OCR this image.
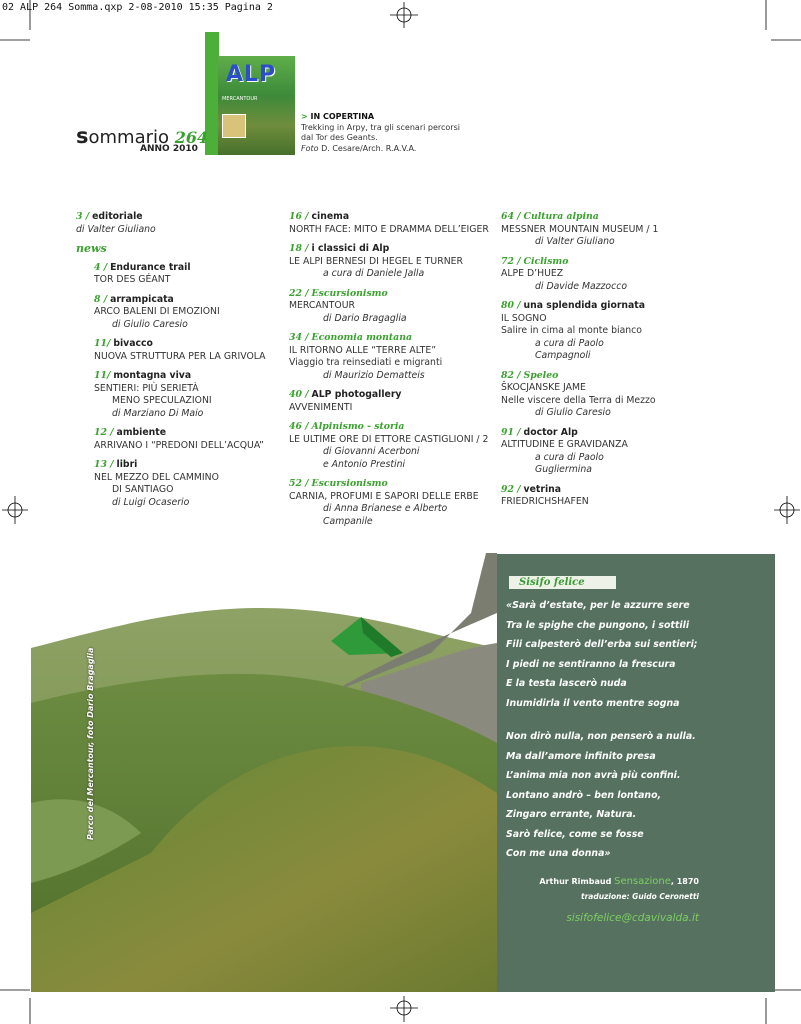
02 ALP 264 Somma.qxp 2-08-2010 15:35 Pagina 2
ALP
MERCANTOUR
sommario 264
ANNO 2010
> IN COPERTINA
Trekking in Arpy, tra gli scenari percorsi dal Tor des Geants.
Foto D. Cesare/Arch. R.A.V.A.
3 / editoriale
di Valter Giuliano
news
4 / Endurance trail
TOR DES GÉANT
8 / arrampicata
ARCO BALENI DI EMOZIONI
di Giulio Caresio
11/ bivacco
NUOVA STRUTTURA PER LA GRIVOLA
11/ montagna viva
SENTIERI: PIÙ SERIETÀ
MENO SPECULAZIONI
di Marziano Di Maio
12 / ambiente
ARRIVANO I “PREDONI DELL’ACQUA”
13 / libri
NEL MEZZO DEL CAMMINO
DI SANTIAGO
di Luigi Ocaserio
16 / cinema
NORTH FACE: MITO E DRAMMA DELL’EIGER
18 / i classici di Alp
LE ALPI BERNESI DI HEGEL E TURNER
a cura di Daniele Jalla
22 / Escursionismo
MERCANTOUR
di Dario Bragaglia
34 / Economia montana
IL RITORNO ALLE “TERRE ALTE”
Viaggio tra reinsediati e migranti
di Maurizio Dematteis
40 / ALP photogallery
AVVENIMENTI
46 / Alpinismo - storia
LE ULTIME ORE DI ETTORE CASTIGLIONI / 2
di Giovanni Acerboni
e Antonio Prestini
52 / Escursionismo
CARNIA, PROFUMI E SAPORI DELLE ERBE
di Anna Brianese e Alberto Campanile
64 / Cultura alpina
MESSNER MOUNTAIN MUSEUM / 1
di Valter Giuliano
72 / Ciclismo
ALPE D’HUEZ
di Davide Mazzocco
80 / una splendida giornata
IL SOGNO
Salire in cima al monte bianco
a cura di Paolo Campagnoli
82 / Speleo
ŠKOCJANSKE JAME
Nelle viscere della Terra di Mezzo
di Giulio Caresio
91 / doctor Alp
ALTITUDINE E GRAVIDANZA
a cura di Paolo Gugliermina
92 / vetrina
FRIEDRICHSHAFEN
Parco del Mercantour, foto Dario Bragaglia
Sisifo felice
«Sarà d’estate, per le azzurre sere
Tra le spighe che pungono, i sottili
Fili calpesterò dell’erba sui sentieri;
I piedi ne sentiranno la frescura
E la testa lascerò nuda
Inumidirla il vento mentre sogna
Non dirò nulla, non penserò a nulla.
Ma dall’amore infinito presa
L’anima mia non avrà più confini.
Lontano andrò – ben lontano,
Zingaro errante, Natura.
Sarò felice, come se fosse
Con me una donna»
Arthur Rimbaud Sensazione, 1870
traduzione: Guido Ceronetti
sisifofelice@cdavivalda.it
